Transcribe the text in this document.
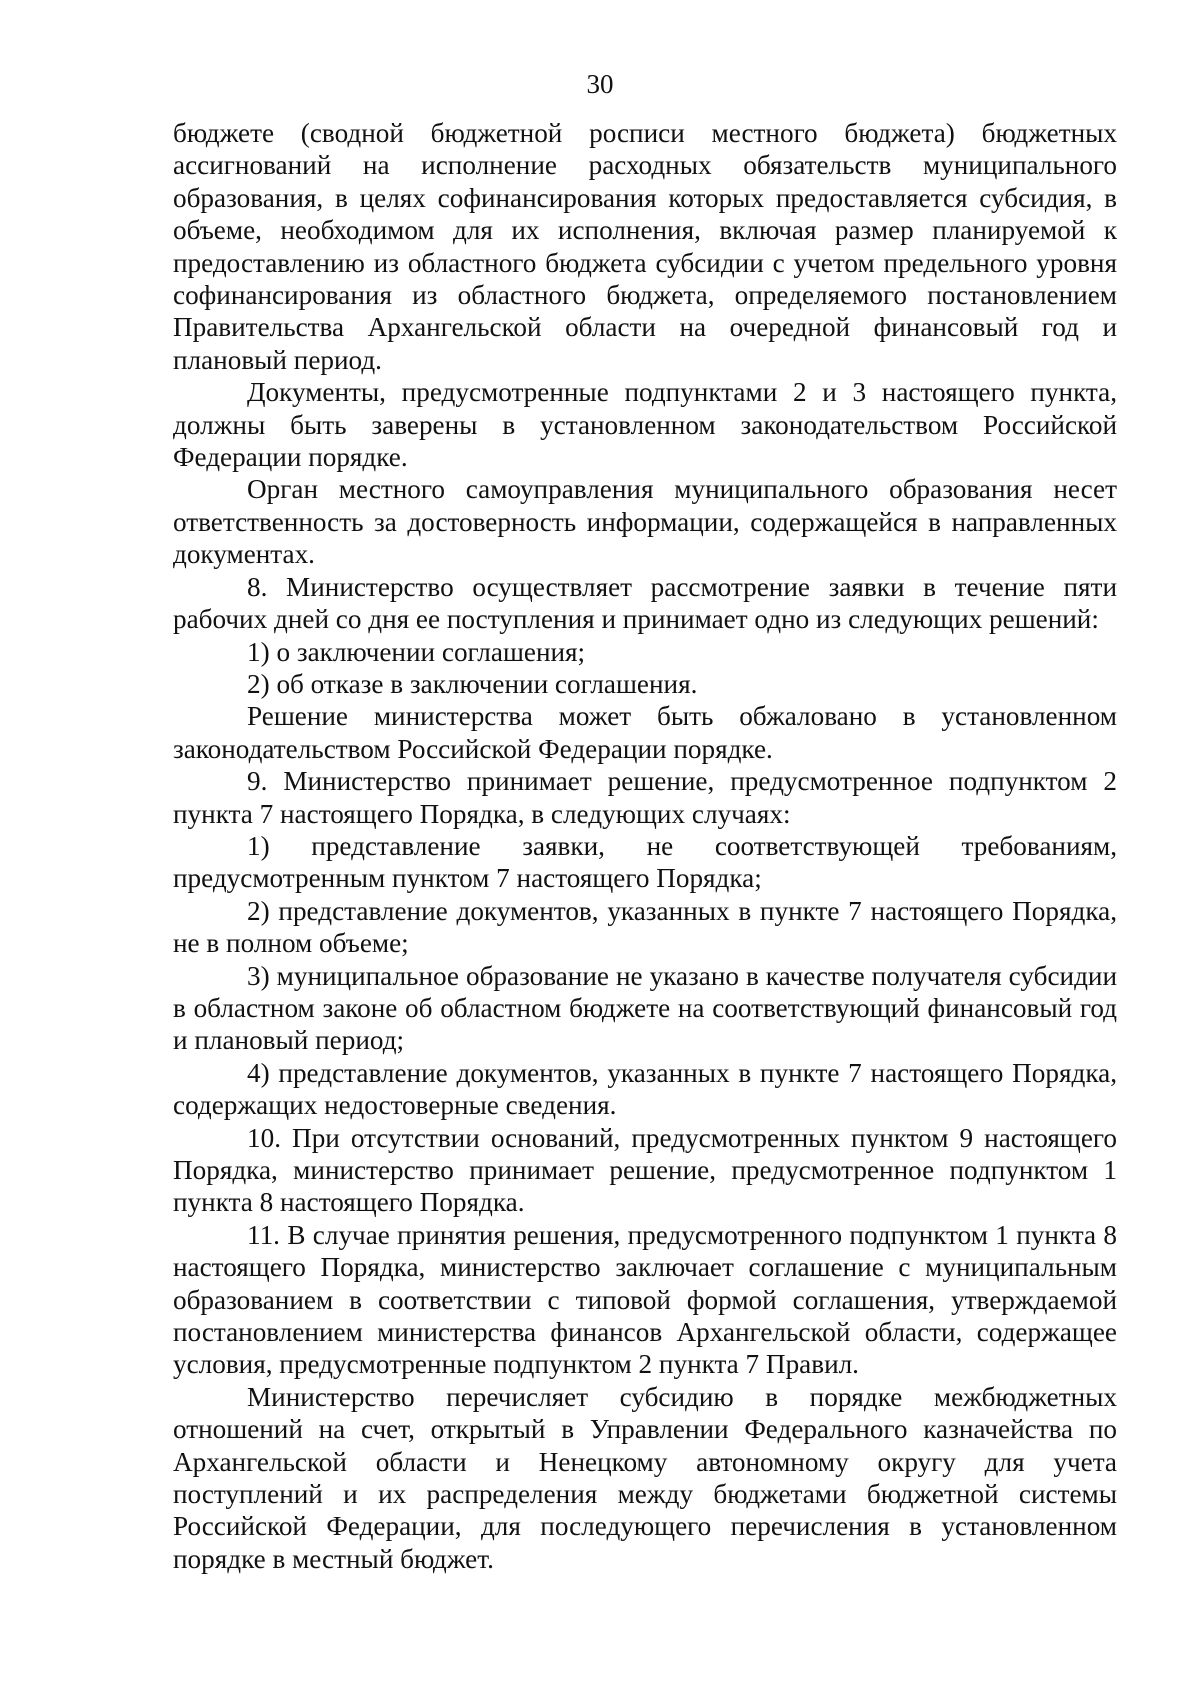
30

бюджете (сводной бюджетной росписи местного бюджета) бюджетных ассигнований на исполнение расходных обязательств муниципального образования, в целях софинансирования которых предоставляется субсидия, в объеме, необходимом для их исполнения, включая размер планируемой к предоставлению из областного бюджета субсидии с учетом предельного уровня софинансирования из областного бюджета, определяемого постановлением Правительства Архангельской области на очередной финансовый год и плановый период.

Документы, предусмотренные подпунктами 2 и 3 настоящего пункта, должны быть заверены в установленном законодательством Российской Федерации порядке.

Орган местного самоуправления муниципального образования несет ответственность за достоверность информации, содержащейся в направленных документах.

8. Министерство осуществляет рассмотрение заявки в течение пяти рабочих дней со дня ее поступления и принимает одно из следующих решений:

1) о заключении соглашения;

2) об отказе в заключении соглашения.

Решение министерства может быть обжаловано в установленном законодательством Российской Федерации порядке.

9. Министерство принимает решение, предусмотренное подпунктом 2 пункта 7 настоящего Порядка, в следующих случаях:

1) представление заявки, не соответствующей требованиям, предусмотренным пунктом 7 настоящего Порядка;

2) представление документов, указанных в пункте 7 настоящего Порядка, не в полном объеме;

3) муниципальное образование не указано в качестве получателя субсидии в областном законе об областном бюджете на соответствующий финансовый год и плановый период;

4) представление документов, указанных в пункте 7 настоящего Порядка, содержащих недостоверные сведения.

10. При отсутствии оснований, предусмотренных пунктом 9 настоящего Порядка, министерство принимает решение, предусмотренное подпунктом 1 пункта 8 настоящего Порядка.

11. В случае принятия решения, предусмотренного подпунктом 1 пункта 8 настоящего Порядка, министерство заключает соглашение с муниципальным образованием в соответствии с типовой формой соглашения, утверждаемой постановлением министерства финансов Архангельской области, содержащее условия, предусмотренные подпунктом 2 пункта 7 Правил.

Министерство перечисляет субсидию в порядке межбюджетных отношений на счет, открытый в Управлении Федерального казначейства по Архангельской области и Ненецкому автономному округу для учета поступлений и их распределения между бюджетами бюджетной системы Российской Федерации, для последующего перечисления в установленном порядке в местный бюджет.
